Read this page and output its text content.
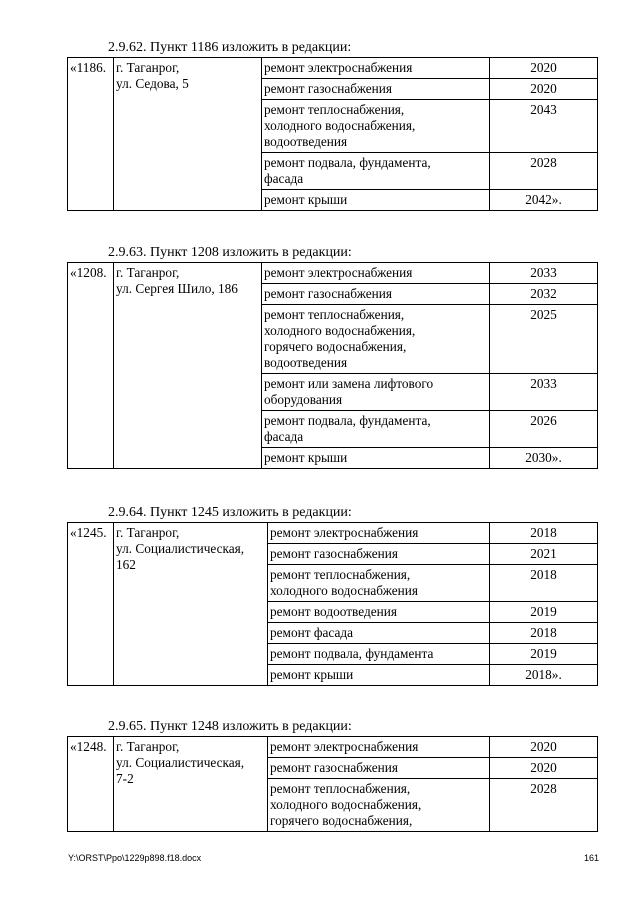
2.9.62. Пункт 1186 изложить в редакции:
«1186.	г. Таганрог,
ул. Седова, 5	ремонт электроснабжения	2020
		ремонт газоснабжения	2020
		ремонт теплоснабжения,
холодного водоснабжения,
водоотведения	2043
		ремонт подвала, фундамента,
фасада	2028
		ремонт крыши	2042».
2.9.63. Пункт 1208 изложить в редакции:
«1208.	г. Таганрог,
ул. Сергея Шило, 186	ремонт электроснабжения	2033
		ремонт газоснабжения	2032
		ремонт теплоснабжения,
холодного водоснабжения,
горячего водоснабжения,
водоотведения	2025
		ремонт или замена лифтового
оборудования	2033
		ремонт подвала, фундамента,
фасада	2026
		ремонт крыши	2030».
2.9.64. Пункт 1245 изложить в редакции:
«1245.	г. Таганрог,
ул. Социалистическая,
162	ремонт электроснабжения	2018
		ремонт газоснабжения	2021
		ремонт теплоснабжения,
холодного водоснабжения	2018
		ремонт водоотведения	2019
		ремонт фасада	2018
		ремонт подвала, фундамента	2019
		ремонт крыши	2018».
2.9.65. Пункт 1248 изложить в редакции:
«1248.	г. Таганрог,
ул. Социалистическая,
7-2	ремонт электроснабжения	2020
		ремонт газоснабжения	2020
		ремонт теплоснабжения,
холодного водоснабжения,
горячего водоснабжения,	2028
Y:\ORST\Ppo\1229p898.f18.docx	161
